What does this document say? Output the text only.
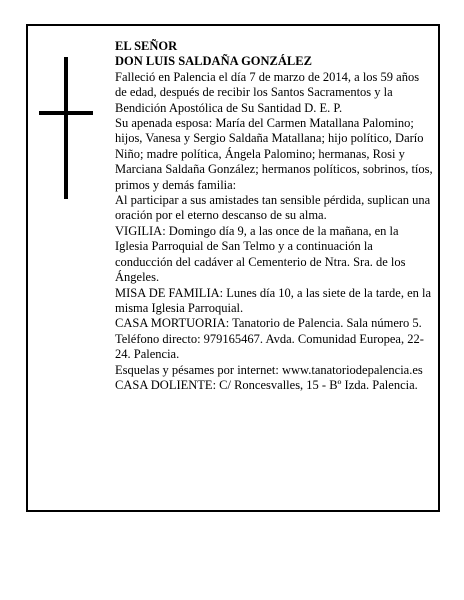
EL SEÑOR

DON LUIS SALDAÑA GONZÁLEZ

Falleció en Palencia el día 7 de marzo de 2014, a los 59 años de edad, después de recibir los Santos Sacramentos y la Bendición Apostólica de Su Santidad D. E. P.

Su apenada esposa: María del Carmen Matallana Palomino; hijos, Vanesa y Sergio Saldaña Matallana; hijo político, Darío Niño; madre política, Ángela Palomino; hermanas, Rosi y Marciana Saldaña González; hermanos políticos, sobrinos, tíos, primos y demás familia:

Al participar a sus amistades tan sensible pérdida, suplican una oración por el eterno descanso de su alma.

VIGILIA: Domingo día 9, a las once de la mañana, en la Iglesia Parroquial de San Telmo y a continuación la conducción del cadáver al Cementerio de Ntra. Sra. de los Ángeles.

MISA DE FAMILIA: Lunes día 10, a las siete de la tarde, en la misma Iglesia Parroquial.

CASA MORTUORIA: Tanatorio de Palencia. Sala número 5. Teléfono directo: 979165467. Avda. Comunidad Europea, 22-24. Palencia.

Esquelas y pésames por internet: www.tanatoriodepalencia.es

CASA DOLIENTE: C/ Roncesvalles, 15 - Bº Izda. Palencia.
